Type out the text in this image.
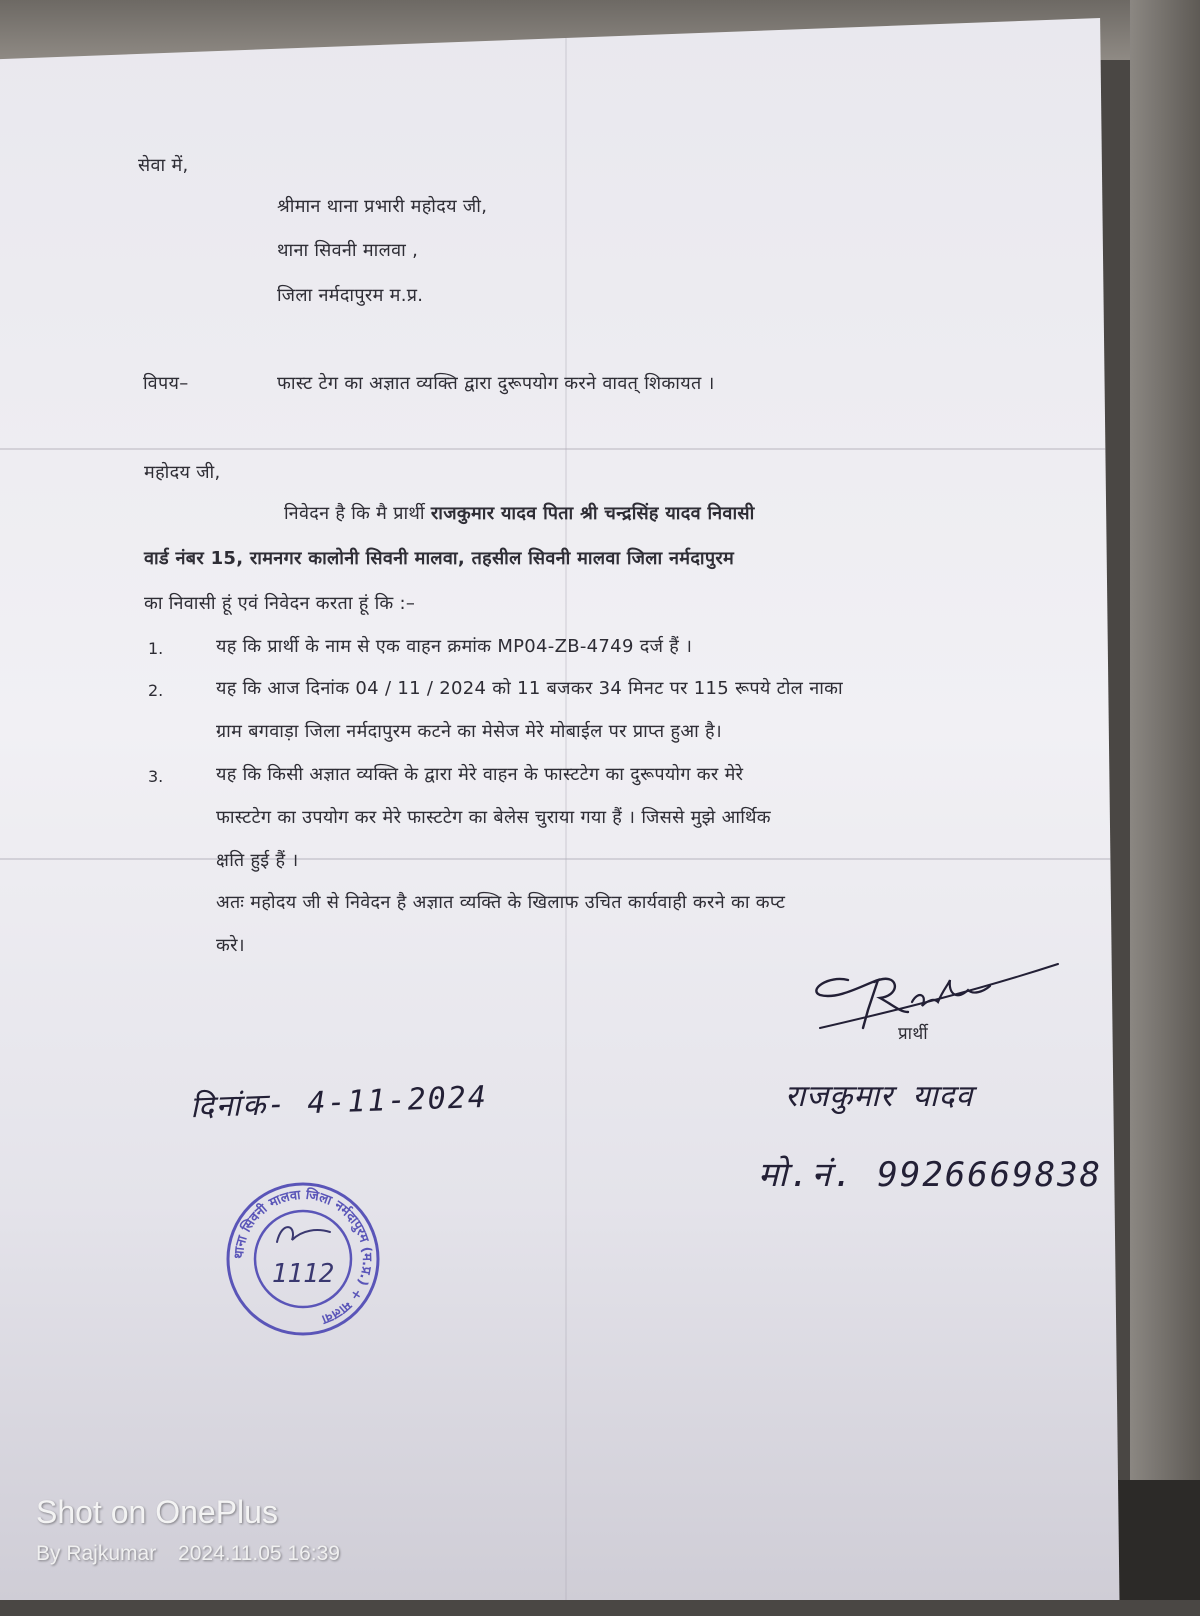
सेवा में,
श्रीमान थाना प्रभारी महोदय जी,
थाना सिवनी मालवा ,
जिला नर्मदापुरम म.प्र.
विपय–	फास्ट टेग का अज्ञात व्यक्ति द्वारा दुरूपयोग करने वावत् शिकायत ।
महोदय जी,
निवेदन है कि मै प्रार्थी राजकुमार यादव पिता श्री चन्द्रसिंह यादव निवासी
वार्ड नंबर 15, रामनगर कालोनी सिवनी मालवा, तहसील सिवनी मालवा जिला नर्मदापुरम
का निवासी हूं एवं निवेदन करता हूं कि :–
1.	यह कि प्रार्थी के नाम से एक वाहन क्रमांक MP04-ZB-4749 दर्ज हैं ।
2.	यह कि आज दिनांक 04 / 11 / 2024 को 11 बजकर 34 मिनट पर 115 रूपये टोल नाका
ग्राम बगवाड़ा जिला नर्मदापुरम कटने का मेसेज मेरे मोबाईल पर प्राप्त हुआ है।
3.	यह कि किसी अज्ञात व्यक्ति के द्वारा मेरे वाहन के फास्टटेग का दुरूपयोग कर मेरे
फास्टटेग का उपयोग कर मेरे फास्टटेग का बेलेस चुराया गया हैं । जिससे मुझे आर्थिक
क्षति हुई हैं ।
अतः महोदय जी से निवेदन है अज्ञात व्यक्ति के खिलाफ उचित कार्यवाही करने का कप्ट
करे।
प्रार्थी
राजकुमार यादव
मो.नं. 9926669838
दिनांक- 4-11-2024
थाना सिवनी मालवा जिला नर्मदापुरम (म.प्र.) + मालवा
1112
Shot on OnePlus
By Rajkumar 2024.11.05 16:39
